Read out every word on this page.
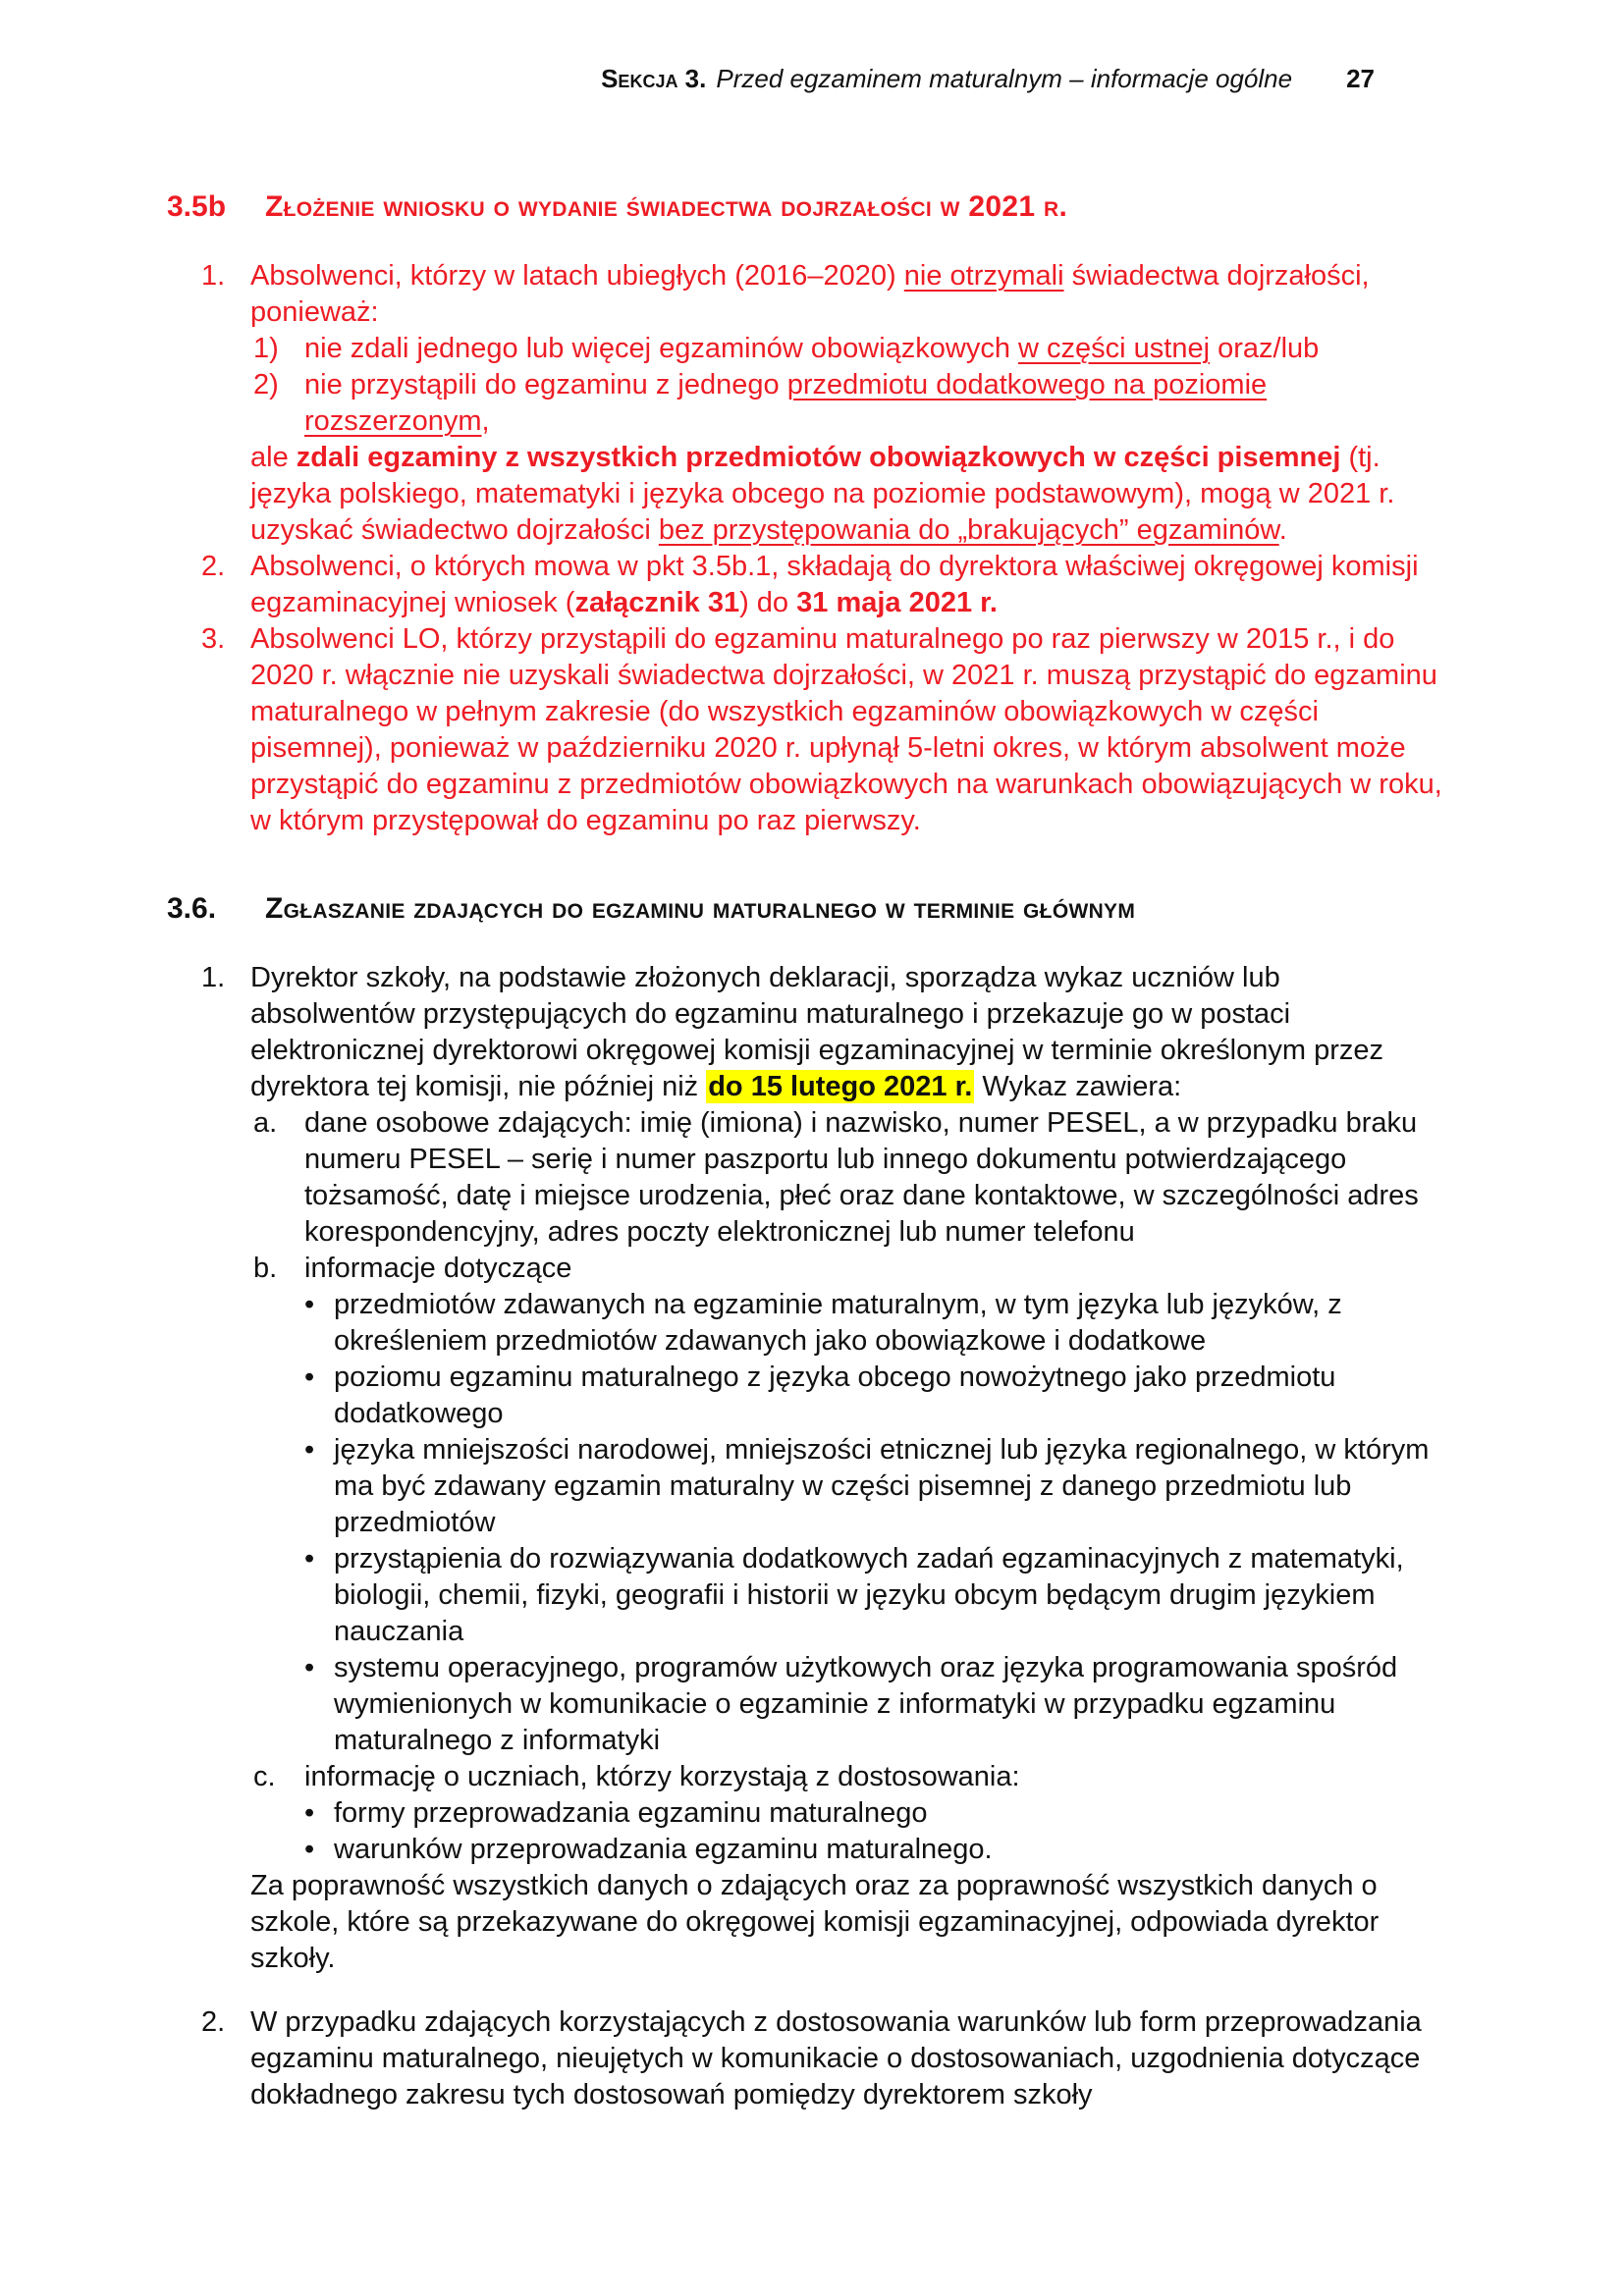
Sekcja 3. Przed egzaminem maturalnym – informacje ogólne 27
3.5b	Złożenie wniosku o wydanie świadectwa dojrzałości w 2021 r.
1. Absolwenci, którzy w latach ubiegłych (2016–2020) nie otrzymali świadectwa dojrzałości, ponieważ:
1) nie zdali jednego lub więcej egzaminów obowiązkowych w części ustnej oraz/lub
2) nie przystąpili do egzaminu z jednego przedmiotu dodatkowego na poziomie rozszerzonym,
ale zdali egzaminy z wszystkich przedmiotów obowiązkowych w części pisemnej (tj. języka polskiego, matematyki i języka obcego na poziomie podstawowym), mogą w 2021 r. uzyskać świadectwo dojrzałości bez przystępowania do „brakujących” egzaminów.
2. Absolwenci, o których mowa w pkt 3.5b.1, składają do dyrektora właściwej okręgowej komisji egzaminacyjnej wniosek (załącznik 31) do 31 maja 2021 r.
3. Absolwenci LO, którzy przystąpili do egzaminu maturalnego po raz pierwszy w 2015 r., i do 2020 r. włącznie nie uzyskali świadectwa dojrzałości, w 2021 r. muszą przystąpić do egzaminu maturalnego w pełnym zakresie (do wszystkich egzaminów obowiązkowych w części pisemnej), ponieważ w październiku 2020 r. upłynął 5-letni okres, w którym absolwent może przystąpić do egzaminu z przedmiotów obowiązkowych na warunkach obowiązujących w roku, w którym przystępował do egzaminu po raz pierwszy.
3.6.	Zgłaszanie zdających do egzaminu maturalnego w terminie głównym
1. Dyrektor szkoły, na podstawie złożonych deklaracji, sporządza wykaz uczniów lub absolwentów przystępujących do egzaminu maturalnego i przekazuje go w postaci elektronicznej dyrektorowi okręgowej komisji egzaminacyjnej w terminie określonym przez dyrektora tej komisji, nie później niż do 15 lutego 2021 r. Wykaz zawiera:
a. dane osobowe zdających: imię (imiona) i nazwisko, numer PESEL, a w przypadku braku numeru PESEL – serię i numer paszportu lub innego dokumentu potwierdzającego tożsamość, datę i miejsce urodzenia, płeć oraz dane kontaktowe, w szczególności adres korespondencyjny, adres poczty elektronicznej lub numer telefonu
b. informacje dotyczące
• przedmiotów zdawanych na egzaminie maturalnym, w tym języka lub języków, z określeniem przedmiotów zdawanych jako obowiązkowe i dodatkowe
• poziomu egzaminu maturalnego z języka obcego nowożytnego jako przedmiotu dodatkowego
• języka mniejszości narodowej, mniejszości etnicznej lub języka regionalnego, w którym ma być zdawany egzamin maturalny w części pisemnej z danego przedmiotu lub przedmiotów
• przystąpienia do rozwiązywania dodatkowych zadań egzaminacyjnych z matematyki, biologii, chemii, fizyki, geografii i historii w języku obcym będącym drugim językiem nauczania
• systemu operacyjnego, programów użytkowych oraz języka programowania spośród wymienionych w komunikacie o egzaminie z informatyki w przypadku egzaminu maturalnego z informatyki
c. informację o uczniach, którzy korzystają z dostosowania:
• formy przeprowadzania egzaminu maturalnego
• warunków przeprowadzania egzaminu maturalnego.
Za poprawność wszystkich danych o zdających oraz za poprawność wszystkich danych o szkole, które są przekazywane do okręgowej komisji egzaminacyjnej, odpowiada dyrektor szkoły.
2. W przypadku zdających korzystających z dostosowania warunków lub form przeprowadzania egzaminu maturalnego, nieujętych w komunikacie o dostosowaniach, uzgodnienia dotyczące dokładnego zakresu tych dostosowań pomiędzy dyrektorem szkoły
